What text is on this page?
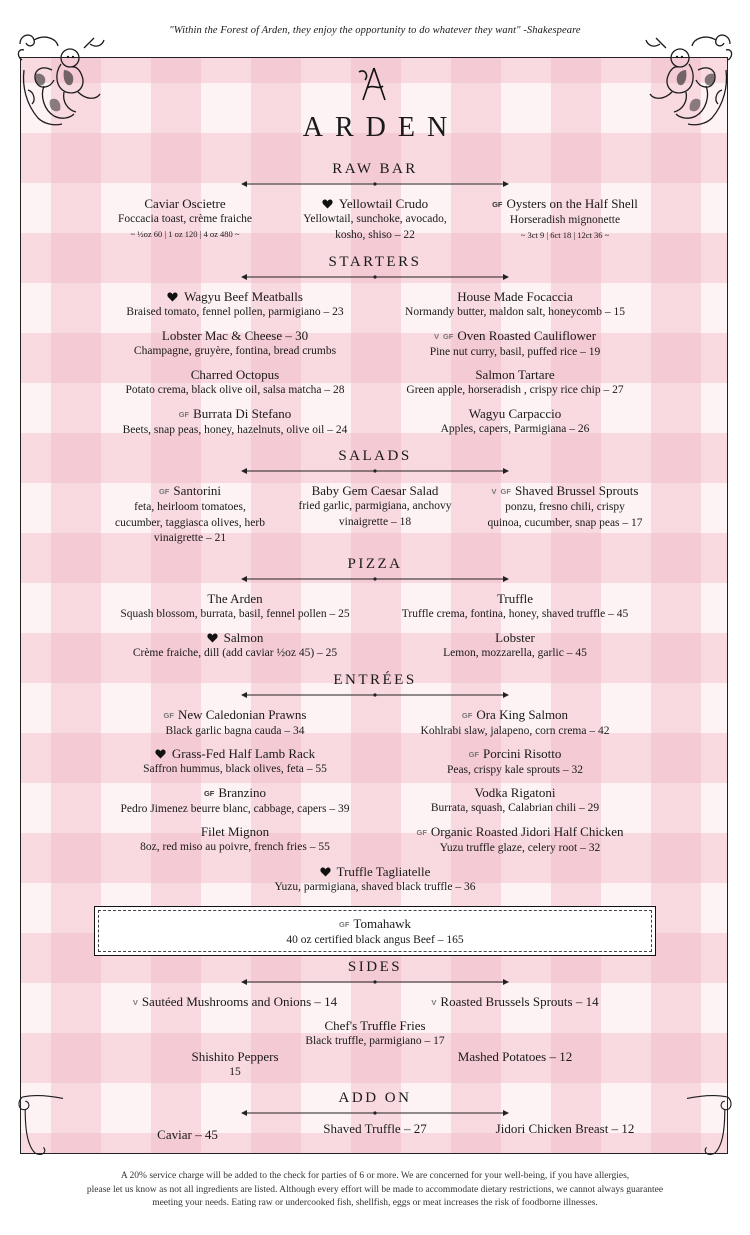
"Within the Forest of Arden, they enjoy the opportunity to do whatever they want" -Shakespeare
ARDEN
RAW BAR
Caviar Oscietre
Foccacia toast, crème fraiche
~ ½oz 60 | 1 oz 120 | 4 oz 480 ~
Yellowtail Crudo
Yellowtail, sunchoke, avocado,
kosho, shiso – 22
GF Oysters on the Half Shell
Horseradish mignonette
~ 3ct 9 | 6ct 18 | 12ct 36 ~
STARTERS
Wagyu Beef Meatballs
Braised tomato, fennel pollen, parmigiano – 23
House Made Focaccia
Normandy butter, maldon salt, honeycomb – 15
Lobster Mac & Cheese – 30
Champagne, gruyère, fontina, bread crumbs
V GF Oven Roasted Cauliflower
Pine nut curry, basil, puffed rice – 19
Charred Octopus
Potato crema, black olive oil, salsa matcha – 28
Salmon Tartare
Green apple, horseradish , crispy rice chip – 27
GF Burrata Di Stefano
Beets, snap peas, honey, hazelnuts, olive oil – 24
Wagyu Carpaccio
Apples, capers, Parmigiana – 26
SALADS
GF Santorini
feta, heirloom tomatoes,
cucumber, taggiasca olives, herb
vinaigrette – 21
Baby Gem Caesar Salad
fried garlic, parmigiana, anchovy
vinaigrette – 18
V GF Shaved Brussel Sprouts
ponzu, fresno chili, crispy
quinoa, cucumber, snap peas – 17
PIZZA
The Arden
Squash blossom, burrata, basil, fennel pollen – 25
Truffle
Truffle crema, fontina, honey, shaved truffle – 45
Salmon
Crème fraiche, dill (add caviar ½oz 45) – 25
Lobster
Lemon, mozzarella, garlic – 45
ENTRÉES
GF New Caledonian Prawns
Black garlic bagna cauda – 34
GF Ora King Salmon
Kohlrabi slaw, jalapeno, corn crema – 42
Grass-Fed Half Lamb Rack
Saffron hummus, black olives, feta – 55
GF Porcini Risotto
Peas, crispy kale sprouts – 32
GF Branzino
Pedro Jimenez beurre blanc, cabbage, capers – 39
Vodka Rigatoni
Burrata, squash, Calabrian chili – 29
Filet Mignon
8oz, red miso au poivre, french fries – 55
GF Organic Roasted Jidori Half Chicken
Yuzu truffle glaze, celery root – 32
Truffle Tagliatelle
Yuzu, parmigiana, shaved black truffle – 36
GF Tomahawk
40 oz certified black angus Beef – 165
SIDES
V Sautéed Mushrooms and Onions – 14	V Roasted Brussels Sprouts – 14
Chef's Truffle Fries
Black truffle, parmigiano – 17
Shishito Peppers
15
Mashed Potatoes – 12
ADD ON
Caviar – 45	Shaved Truffle – 27	Jidori Chicken Breast – 12
A 20% service charge will be added to the check for parties of 6 or more. We are concerned for your well-being, if you have allergies,
please let us know as not all ingredients are listed. Although every effort will be made to accommodate dietary restrictions, we cannot always guarantee
meeting your needs. Eating raw or undercooked fish, shellfish, eggs or meat increases the risk of foodborne illnesses.
